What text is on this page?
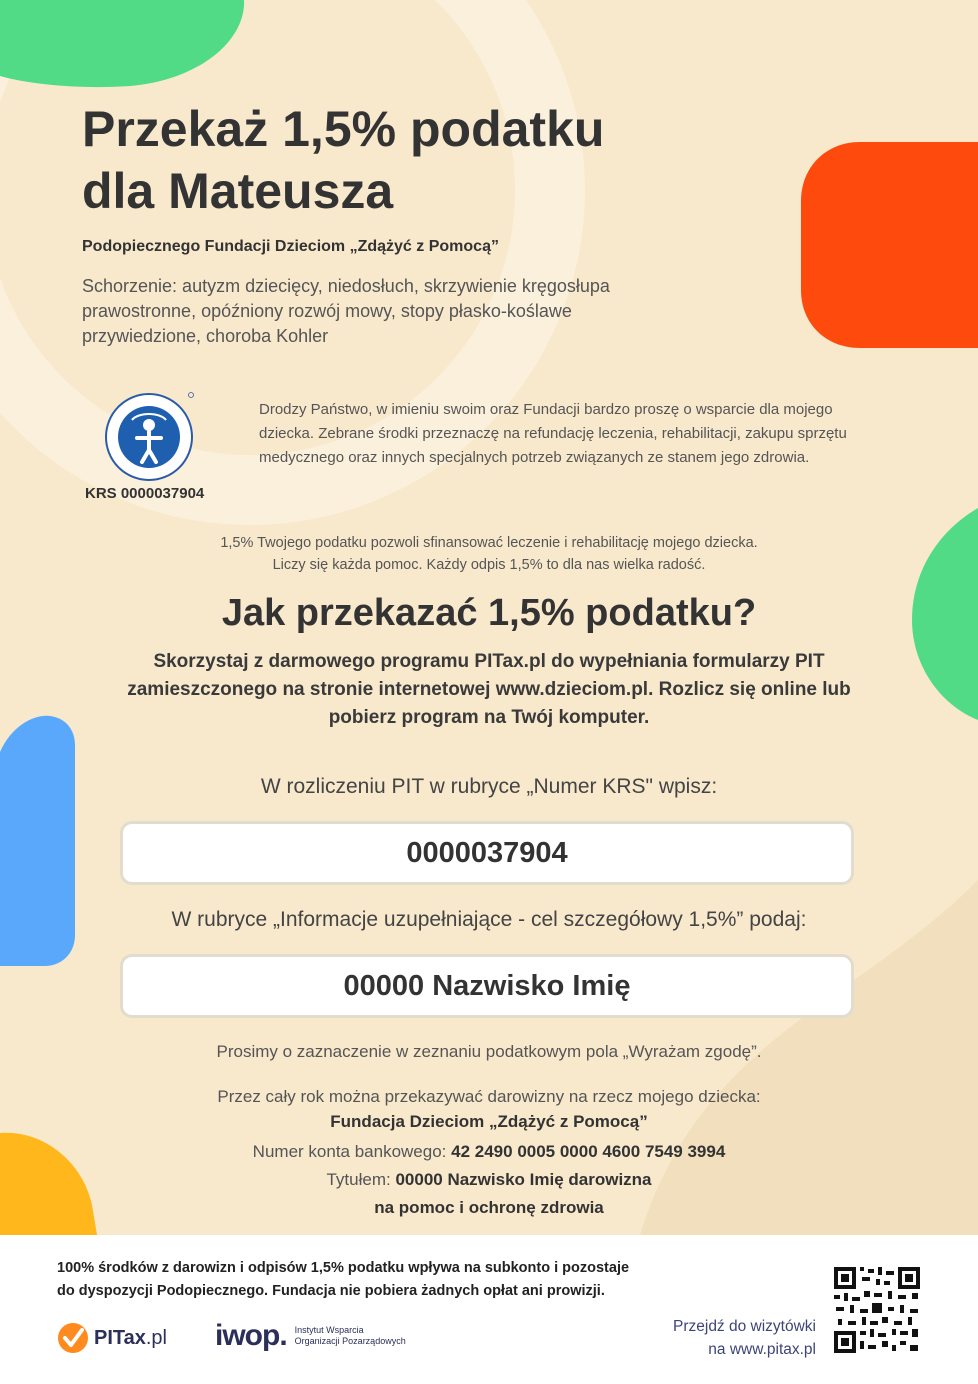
Przekaż 1,5% podatku
dla Mateusza
Podopiecznego Fundacji Dzieciom „Zdążyć z Pomocą”
Schorzenie: autyzm dziecięcy, niedosłuch, skrzywienie kręgosłupa prawostronne, opóźniony rozwój mowy, stopy płasko-koślawe przywiedzione, choroba Kohler
KRS 0000037904
Drodzy Państwo, w imieniu swoim oraz Fundacji bardzo proszę o wsparcie dla mojego dziecka. Zebrane środki przeznaczę na refundację leczenia, rehabilitacji, zakupu sprzętu medycznego oraz innych specjalnych potrzeb związanych ze stanem jego zdrowia.
1,5% Twojego podatku pozwoli sfinansować leczenie i rehabilitację mojego dziecka.
Liczy się każda pomoc. Każdy odpis 1,5% to dla nas wielka radość.
Jak przekazać 1,5% podatku?
Skorzystaj z darmowego programu PITax.pl do wypełniania formularzy PIT zamieszczonego na stronie internetowej www.dzieciom.pl. Rozlicz się online lub pobierz program na Twój komputer.
W rozliczeniu PIT w rubryce „Numer KRS" wpisz:
0000037904
W rubryce „Informacje uzupełniające - cel szczegółowy 1,5%” podaj:
00000 Nazwisko Imię
Prosimy o zaznaczenie w zeznaniu podatkowym pola „Wyrażam zgodę”.
Przez cały rok można przekazywać darowizny na rzecz mojego dziecka:
Fundacja Dzieciom „Zdążyć z Pomocą”
Numer konta bankowego: 42 2490 0005 0000 4600 7549 3994
Tytułem: 00000 Nazwisko Imię darowizna
na pomoc i ochronę zdrowia
100% środków z darowizn i odpisów 1,5% podatku wpływa na subkonto i pozostaje
do dyspozycji Podopiecznego. Fundacja nie pobiera żadnych opłat ani prowizji.
PITax.pl iwop. Instytut Wsparcia
Organizacji Pozarządowych
Przejdź do wizytówki
na www.pitax.pl
